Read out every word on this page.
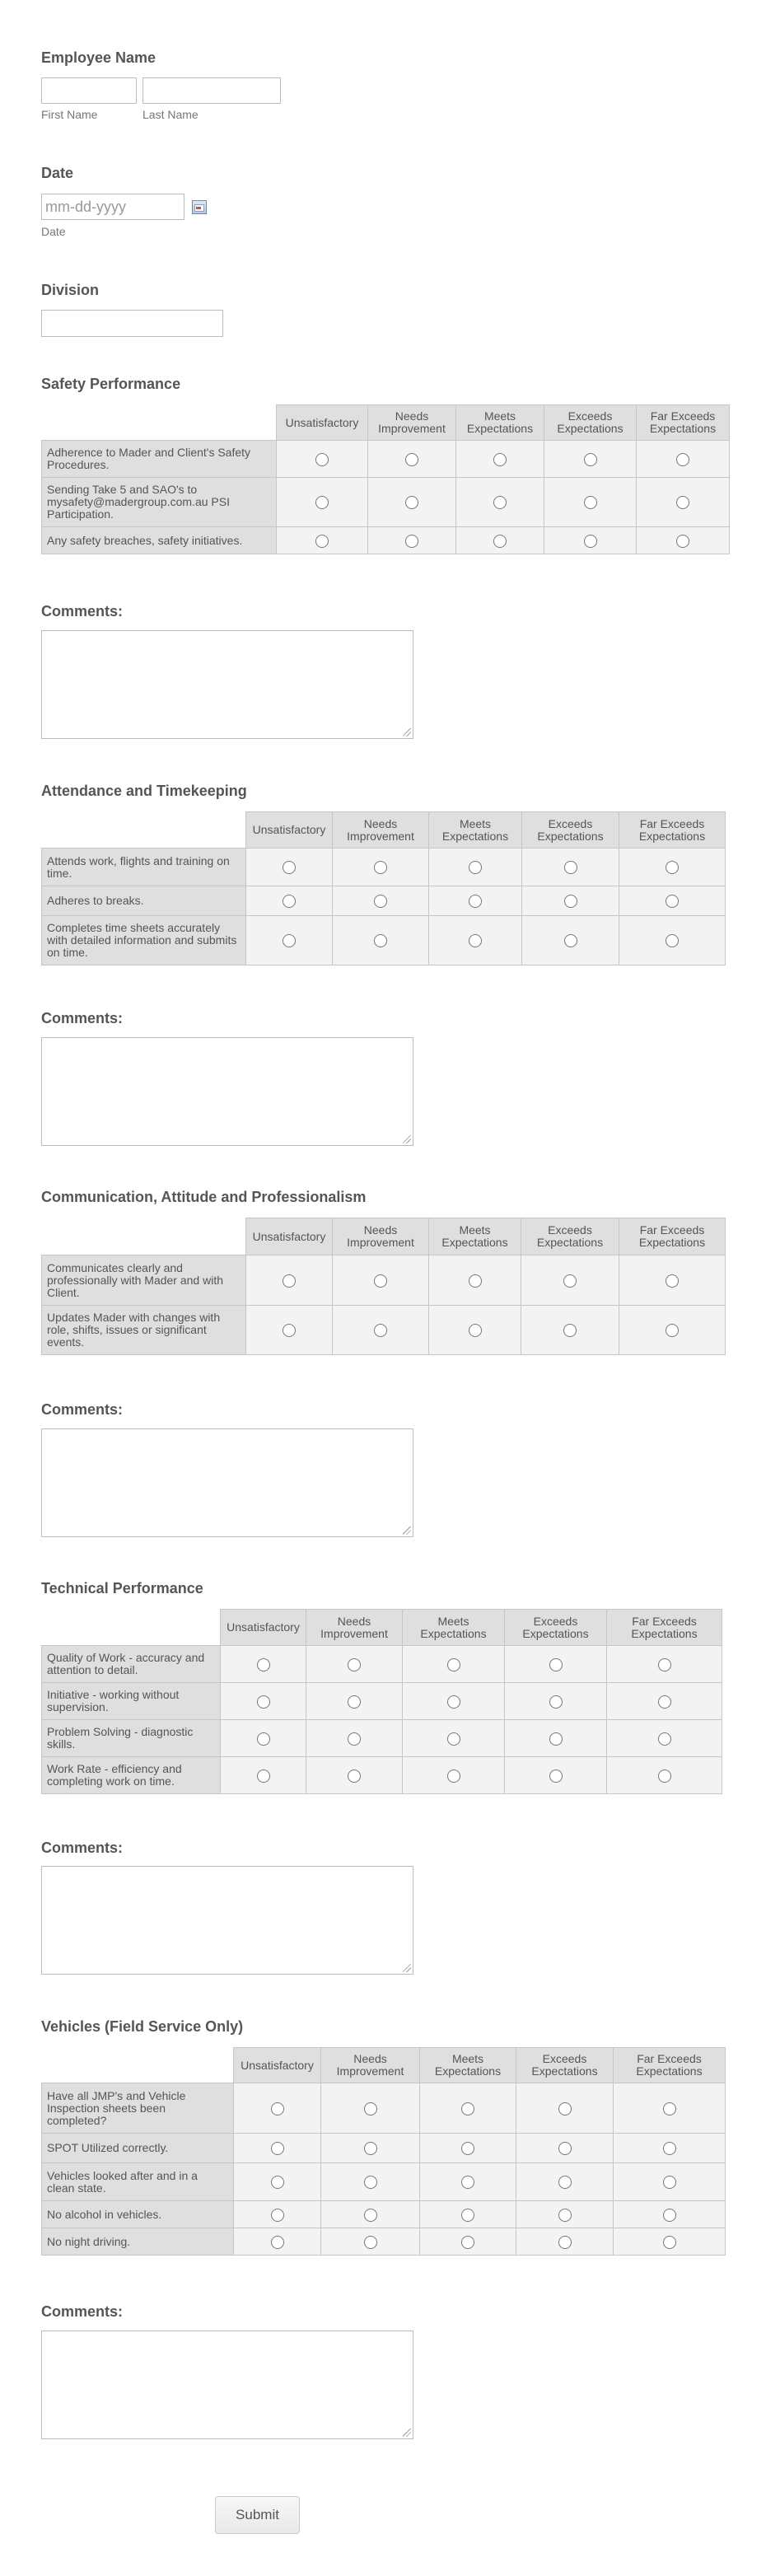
Employee Name
First Name	Last Name
Date
mm-dd-yyyy
Date
Division
Safety Performance
	Unsatisfactory	Needs Improvement	Meets Expectations	Exceeds Expectations	Far Exceeds Expectations
Adherence to Mader and Client's Safety Procedures.					
Sending Take 5 and SAO's to mysafety@madergroup.com.au PSI Participation.					
Any safety breaches, safety initiatives.					
Comments:
Attendance and Timekeeping
	Unsatisfactory	Needs Improvement	Meets Expectations	Exceeds Expectations	Far Exceeds Expectations
Attends work, flights and training on time.					
Adheres to breaks.					
Completes time sheets accurately with detailed information and submits on time.					
Comments:
Communication, Attitude and Professionalism
	Unsatisfactory	Needs Improvement	Meets Expectations	Exceeds Expectations	Far Exceeds Expectations
Communicates clearly and professionally with Mader and with Client.					
Updates Mader with changes with role, shifts, issues or significant events.					
Comments:
Technical Performance
	Unsatisfactory	Needs Improvement	Meets Expectations	Exceeds Expectations	Far Exceeds Expectations
Quality of Work - accuracy and attention to detail.					
Initiative - working without supervision.					
Problem Solving - diagnostic skills.					
Work Rate - efficiency and completing work on time.					
Comments:
Vehicles (Field Service Only)
	Unsatisfactory	Needs Improvement	Meets Expectations	Exceeds Expectations	Far Exceeds Expectations
Have all JMP's and Vehicle Inspection sheets been completed?					
SPOT Utilized correctly.					
Vehicles looked after and in a clean state.					
No alcohol in vehicles.					
No night driving.					
Comments:
Submit
